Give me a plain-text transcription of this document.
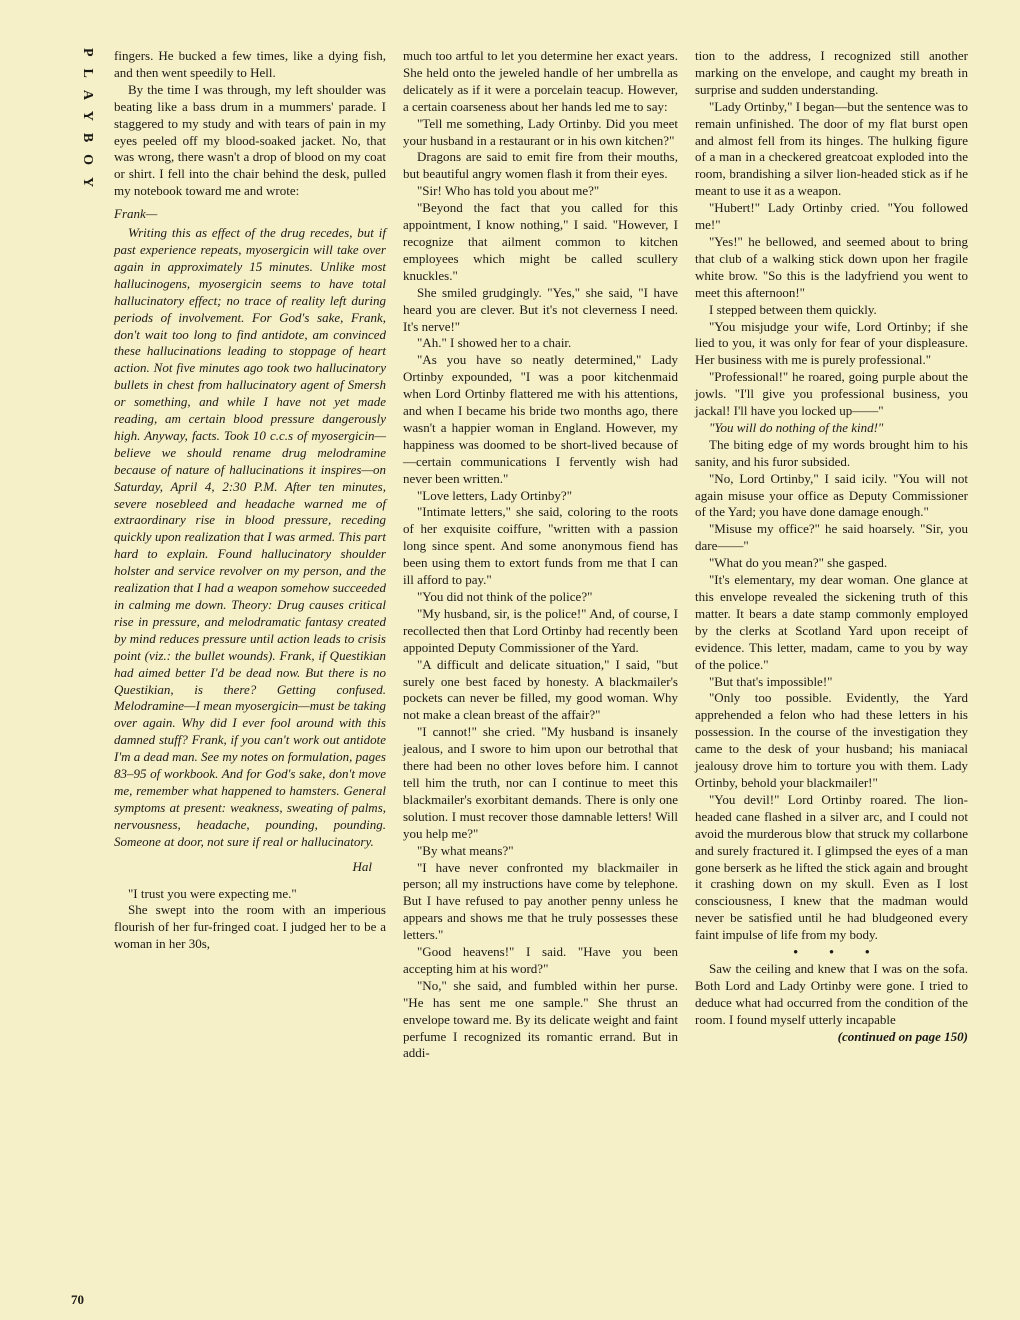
PLAYBOY fingers. He bucked a few times, like a dying fish, and then went speedily to Hell.

By the time I was through, my left shoulder was beating like a bass drum in a mummers' parade. I staggered to my study and with tears of pain in my eyes peeled off my blood-soaked jacket. No, that was wrong, there wasn't a drop of blood on my coat or shirt. I fell into the chair behind the desk, pulled my notebook toward me and wrote:

Frank—

Writing this as effect of the drug recedes, but if past experience repeats, myosergicin will take over again in approximately 15 minutes. Unlike most hallucinogens, myosergicin seems to have total hallucinatory effect; no trace of reality left during periods of involvement. For God's sake, Frank, don't wait too long to find antidote, am convinced these hallucinations leading to stoppage of heart action. Not five minutes ago took two hallucinatory bullets in chest from hallucinatory agent of Smersh or something, and while I have not yet made reading, am certain blood pressure dangerously high. Anyway, facts. Took 10 c.c.s of myosergicin—believe we should rename drug melodramine because of nature of hallucinations it inspires—on Saturday, April 4, 2:30 P.M. After ten minutes, severe nosebleed and headache warned me of extraordinary rise in blood pressure, receding quickly upon realization that I was armed. This part hard to explain. Found hallucinatory shoulder holster and service revolver on my person, and the realization that I had a weapon somehow succeeded in calming me down. Theory: Drug causes critical rise in pressure, and melodramatic fantasy created by mind reduces pressure until action leads to crisis point (viz.: the bullet wounds). Frank, if Questikian had aimed better I'd be dead now. But there is no Questikian, is there? Getting confused. Melodramine—I mean myosergicin—must be taking over again. Why did I ever fool around with this damned stuff? Frank, if you can't work out antidote I'm a dead man. See my notes on formulation, pages 83–95 of workbook. And for God's sake, don't move me, remember what happened to hamsters. General symptoms at present: weakness, sweating of palms, nervousness, headache, pounding, pounding. Someone at door, not sure if real or hallucinatory.

Hal

"I trust you were expecting me."

She swept into the room with an imperious flourish of her fur-fringed coat. I judged her to be a woman in her 30s,

much too artful to let you determine her exact years. She held onto the jeweled handle of her umbrella as delicately as if it were a porcelain teacup. However, a certain coarseness about her hands led me to say:

"Tell me something, Lady Ortinby. Did you meet your husband in a restaurant or in his own kitchen?"

Dragons are said to emit fire from their mouths, but beautiful angry women flash it from their eyes.

"Sir! Who has told you about me?"

"Beyond the fact that you called for this appointment, I know nothing," I said. "However, I recognize that ailment common to kitchen employees which might be called scullery knuckles."

She smiled grudgingly. "Yes," she said, "I have heard you are clever. But it's not cleverness I need. It's nerve!"

"Ah." I showed her to a chair.

"As you have so neatly determined," Lady Ortinby expounded, "I was a poor kitchenmaid when Lord Ortinby flattered me with his attentions, and when I became his bride two months ago, there wasn't a happier woman in England. However, my happiness was doomed to be short-lived because of—certain communications I fervently wish had never been written."

"Love letters, Lady Ortinby?"

"Intimate letters," she said, coloring to the roots of her exquisite coiffure, "written with a passion long since spent. And some anonymous fiend has been using them to extort funds from me that I can ill afford to pay."

"You did not think of the police?"

"My husband, sir, is the police!" And, of course, I recollected then that Lord Ortinby had recently been appointed Deputy Commissioner of the Yard.

"A difficult and delicate situation," I said, "but surely one best faced by honesty. A blackmailer's pockets can never be filled, my good woman. Why not make a clean breast of the affair?"

"I cannot!" she cried. "My husband is insanely jealous, and I swore to him upon our betrothal that there had been no other loves before him. I cannot tell him the truth, nor can I continue to meet this blackmailer's exorbitant demands. There is only one solution. I must recover those damnable letters! Will you help me?"

"By what means?"

"I have never confronted my blackmailer in person; all my instructions have come by telephone. But I have refused to pay another penny unless he appears and shows me that he truly possesses these letters."

"Good heavens!" I said. "Have you been accepting him at his word?"

"No," she said, and fumbled within her purse. "He has sent me one sample." She thrust an envelope toward me. By its delicate weight and faint perfume I recognized its romantic errand. But in addi-

tion to the address, I recognized still another marking on the envelope, and caught my breath in surprise and sudden understanding.

"Lady Ortinby," I began—but the sentence was to remain unfinished. The door of my flat burst open and almost fell from its hinges. The hulking figure of a man in a checkered greatcoat exploded into the room, brandishing a silver lion-headed stick as if he meant to use it as a weapon.

"Hubert!" Lady Ortinby cried. "You followed me!"

"Yes!" he bellowed, and seemed about to bring that club of a walking stick down upon her fragile white brow. "So this is the ladyfriend you went to meet this afternoon!"

I stepped between them quickly.

"You misjudge your wife, Lord Ortinby; if she lied to you, it was only for fear of your displeasure. Her business with me is purely professional."

"Professional!" he roared, going purple about the jowls. "I'll give you professional business, you jackal! I'll have you locked up——"

"You will do nothing of the kind!"

The biting edge of my words brought him to his sanity, and his furor subsided.

"No, Lord Ortinby," I said icily. "You will not again misuse your office as Deputy Commissioner of the Yard; you have done damage enough."

"Misuse my office?" he said hoarsely. "Sir, you dare——"

"What do you mean?" she gasped.

"It's elementary, my dear woman. One glance at this envelope revealed the sickening truth of this matter. It bears a date stamp commonly employed by the clerks at Scotland Yard upon receipt of evidence. This letter, madam, came to you by way of the police."

"But that's impossible!"

"Only too possible. Evidently, the Yard apprehended a felon who had these letters in his possession. In the course of the investigation they came to the desk of your husband; his maniacal jealousy drove him to torture you with them. Lady Ortinby, behold your blackmailer!"

"You devil!" Lord Ortinby roared. The lion-headed cane flashed in a silver arc, and I could not avoid the murderous blow that struck my collarbone and surely fractured it. I glimpsed the eyes of a man gone berserk as he lifted the stick again and brought it crashing down on my skull. Even as I lost consciousness, I knew that the madman would never be satisfied until he had bludgeoned every faint impulse of life from my body.

• • •

Saw the ceiling and knew that I was on the sofa. Both Lord and Lady Ortinby were gone. I tried to deduce what had occurred from the condition of the room. I found myself utterly incapable

(continued on page 150)

70
